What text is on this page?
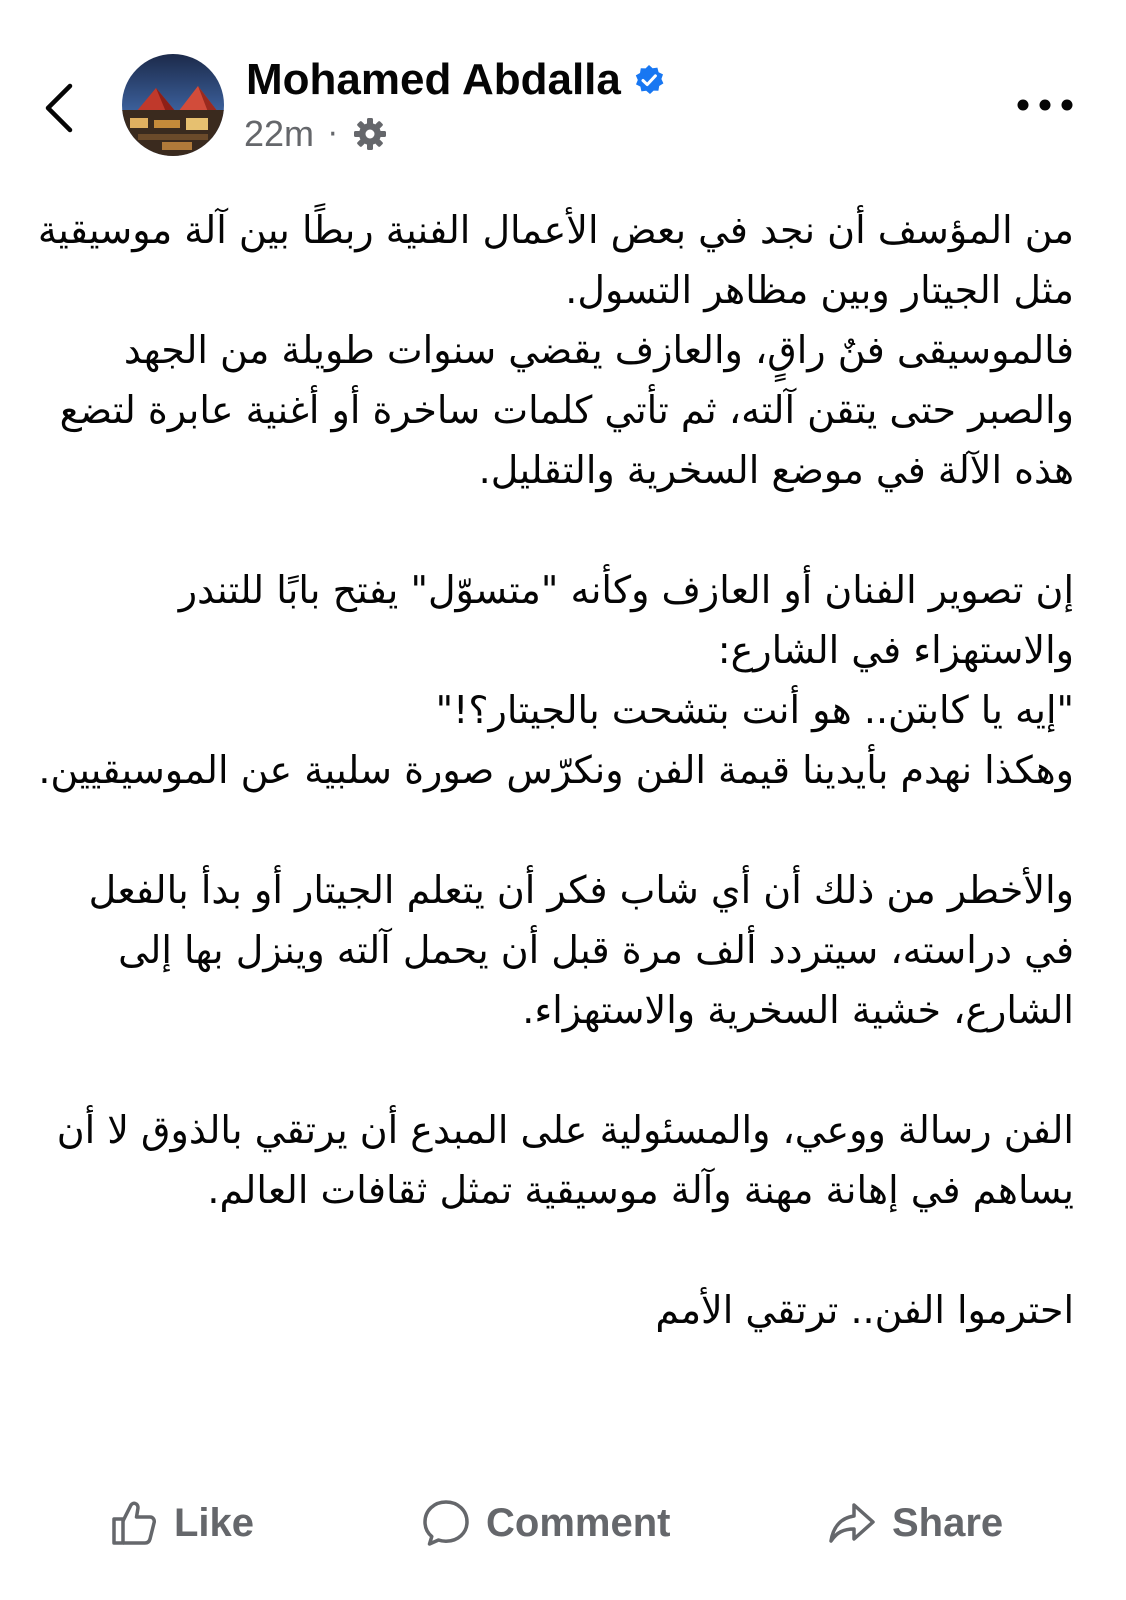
Mohamed Abdalla
22m ·

من المؤسف أن نجد في بعض الأعمال الفنية ربطًا بين آلة موسيقية مثل الجيتار وبين مظاهر التسول.
فالموسيقى فنٌ راقٍ، والعازف يقضي سنوات طويلة من الجهد والصبر حتى يتقن آلته، ثم تأتي كلمات ساخرة أو أغنية عابرة لتضع هذه الآلة في موضع السخرية والتقليل.

إن تصوير الفنان أو العازف وكأنه "متسوّل" يفتح بابًا للتندر والاستهزاء في الشارع:
"إيه يا كابتن.. هو أنت بتشحت بالجيتار؟!"
وهكذا نهدم بأيدينا قيمة الفن ونكرّس صورة سلبية عن الموسيقيين.

والأخطر من ذلك أن أي شاب فكر أن يتعلم الجيتار أو بدأ بالفعل في دراسته، سيتردد ألف مرة قبل أن يحمل آلته وينزل بها إلى الشارع، خشية السخرية والاستهزاء.

الفن رسالة ووعي، والمسئولية على المبدع أن يرتقي بالذوق لا أن يساهم في إهانة مهنة وآلة موسيقية تمثل ثقافات العالم.

احترموا الفن.. ترتقي الأمم

Like	Comment	Share
